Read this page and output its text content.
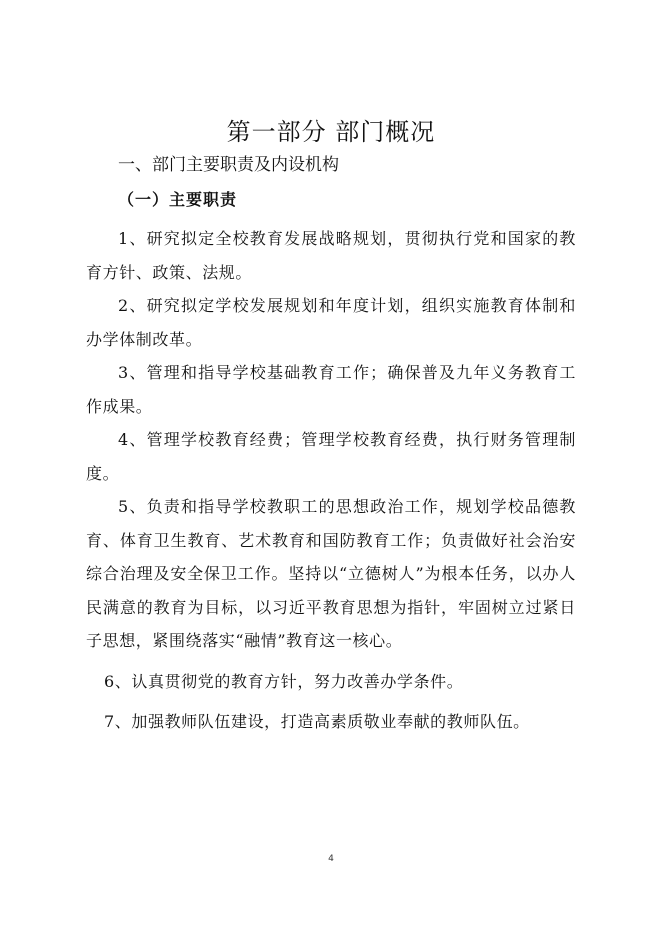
第一部分 部门概况
一、部门主要职责及内设机构
（一）主要职责

1、研究拟定全校教育发展战略规划，贯彻执行党和国家的教育方针、政策、法规。

2、研究拟定学校发展规划和年度计划，组织实施教育体制和办学体制改革。

3、管理和指导学校基础教育工作；确保普及九年义务教育工作成果。

4、管理学校教育经费；管理学校教育经费，执行财务管理制度。

5、负责和指导学校教职工的思想政治工作，规划学校品德教育、体育卫生教育、艺术教育和国防教育工作；负责做好社会治安综合治理及安全保卫工作。坚持以“立德树人”为根本任务，以办人民满意的教育为目标，以习近平教育思想为指针，牢固树立过紧日子思想，紧围绕落实“融情”教育这一核心。

6、认真贯彻党的教育方针，努力改善办学条件。

7、加强教师队伍建设，打造高素质敬业奉献的教师队伍。

4
